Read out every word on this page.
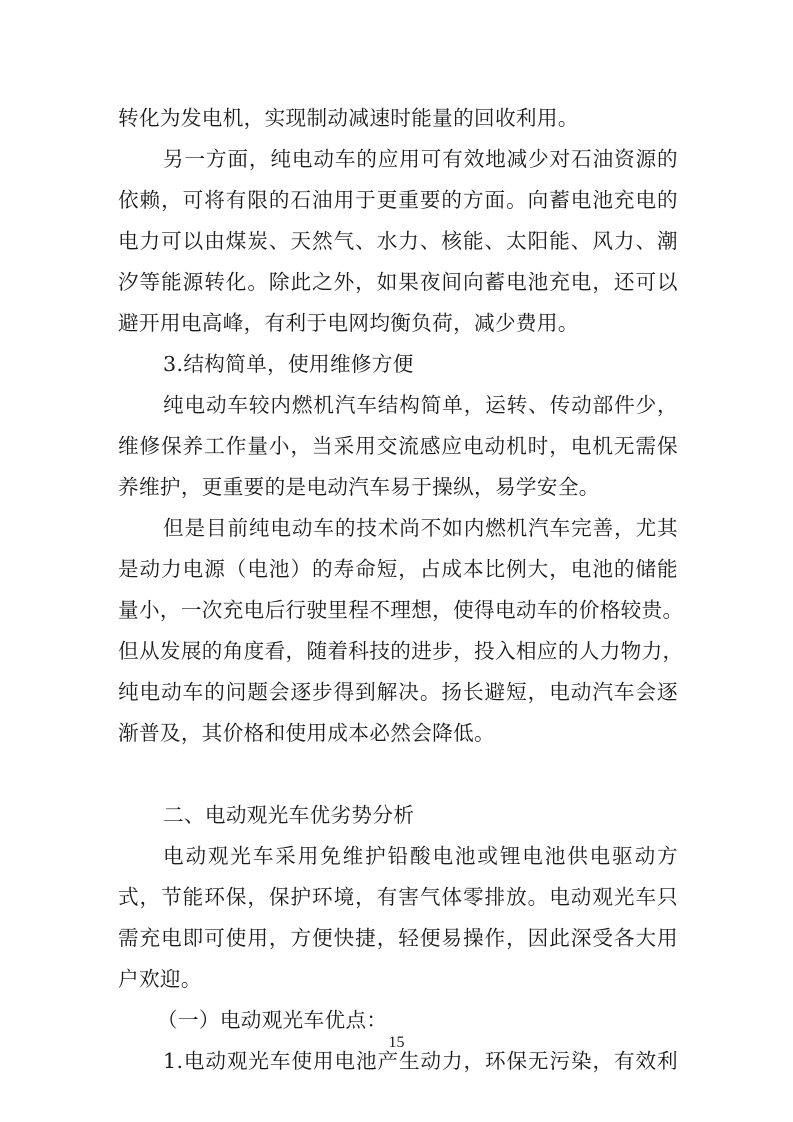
转化为发电机，实现制动减速时能量的回收利用。
另一方面，纯电动车的应用可有效地减少对石油资源的
依赖，可将有限的石油用于更重要的方面。向蓄电池充电的
电力可以由煤炭、天然气、水力、核能、太阳能、风力、潮
汐等能源转化。除此之外，如果夜间向蓄电池充电，还可以
避开用电高峰，有利于电网均衡负荷，减少费用。
3.结构简单，使用维修方便
纯电动车较内燃机汽车结构简单，运转、传动部件少，
维修保养工作量小，当采用交流感应电动机时，电机无需保
养维护，更重要的是电动汽车易于操纵，易学安全。
但是目前纯电动车的技术尚不如内燃机汽车完善，尤其
是动力电源（电池）的寿命短，占成本比例大，电池的储能
量小，一次充电后行驶里程不理想，使得电动车的价格较贵。
但从发展的角度看，随着科技的进步，投入相应的人力物力，
纯电动车的问题会逐步得到解决。扬长避短，电动汽车会逐
渐普及，其价格和使用成本必然会降低。
二、电动观光车优劣势分析
电动观光车采用免维护铅酸电池或锂电池供电驱动方
式，节能环保，保护环境，有害气体零排放。电动观光车只
需充电即可使用，方便快捷，轻便易操作，因此深受各大用
户欢迎。
（一）电动观光车优点：
1.电动观光车使用电池产生动力，环保无污染，有效利
15
